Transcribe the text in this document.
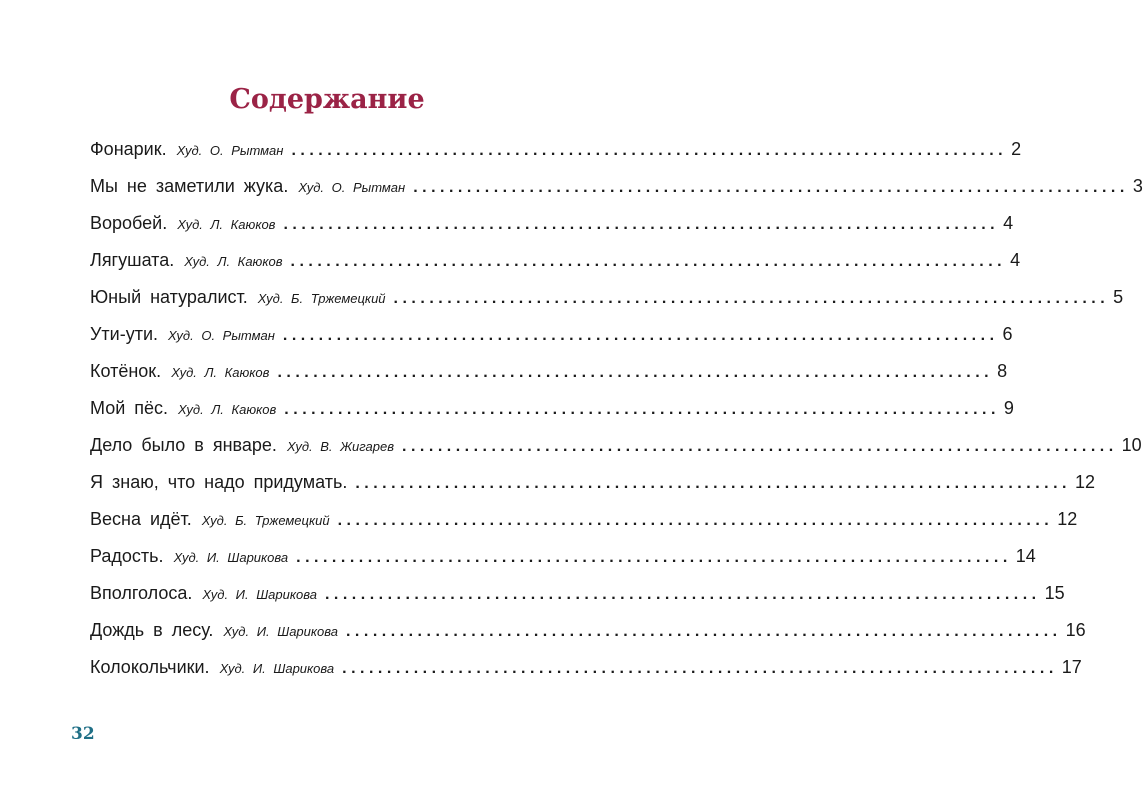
Содержание
Фонарик. Худ. О. Рытман ................................................................................ 2
Мы не заметили жука. Худ. О. Рытман ................................................................................ 3
Воробей. Худ. Л. Каюков ................................................................................ 4
Лягушата. Худ. Л. Каюков ................................................................................ 4
Юный натуралист. Худ. Б. Тржемецкий ................................................................................ 5
Ути-ути. Худ. О. Рытман ................................................................................ 6
Котёнок. Худ. Л. Каюков ................................................................................ 8
Мой пёс. Худ. Л. Каюков ................................................................................ 9
Дело было в январе. Худ. В. Жигарев ................................................................................ 10
Я знаю, что надо придумать. ................................................................................ 12
Весна идёт. Худ. Б. Тржемецкий ................................................................................ 12
Радость. Худ. И. Шарикова ................................................................................ 14
Вполголоса. Худ. И. Шарикова ................................................................................ 15
Дождь в лесу. Худ. И. Шарикова ................................................................................ 16
Колокольчики. Худ. И. Шарикова ................................................................................ 17
32
